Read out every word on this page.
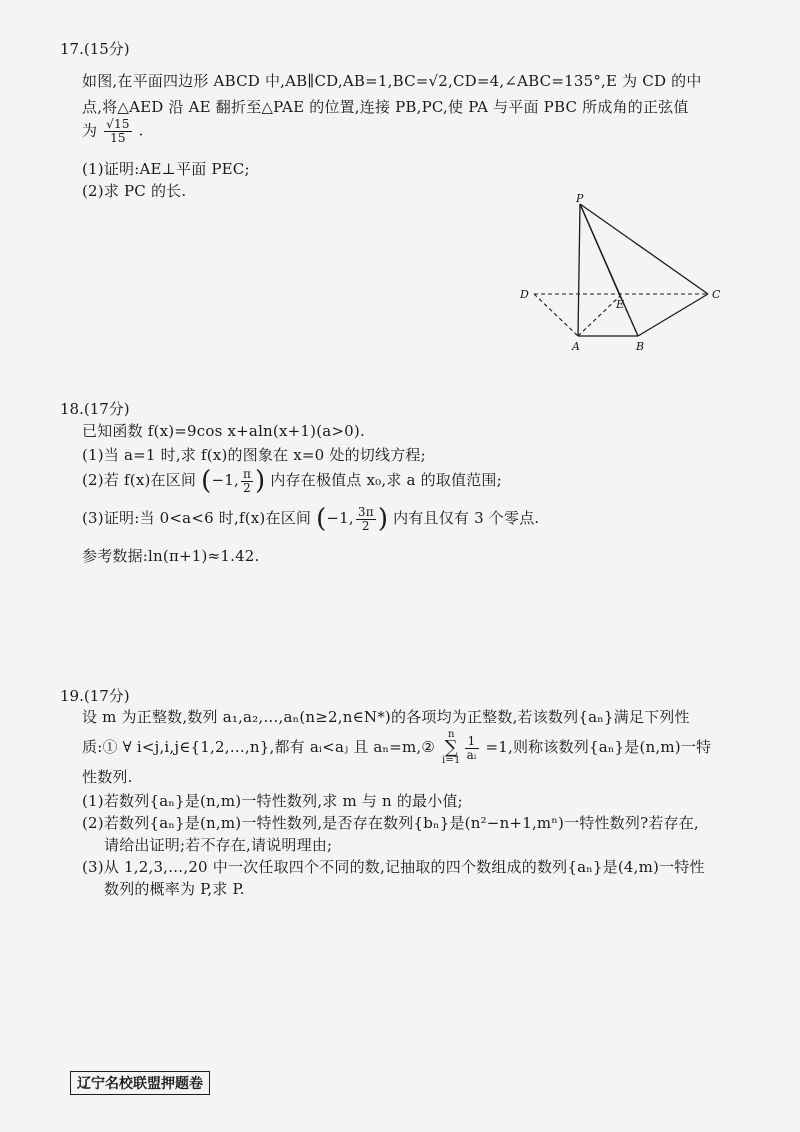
17.(15分)
如图,在平面四边形 ABCD 中,AB∥CD,AB=1,BC=√2,CD=4,∠ABC=135°,E 为 CD 的中
点,将△AED 沿 AE 翻折至△PAE 的位置,连接 PB,PC,使 PA 与平面 PBC 所成角的正弦值
为 $\frac{√15}{15}$ .
(1)证明:AE⊥平面 PEC;
(2)求 PC 的长.	P
D
E
C
A	B
18.(17分)
已知函数 f(x)=9cos x+aln(x+1)(a>0).
(1)当 a=1 时,求 f(x)的图象在 x=0 处的切线方程;
(2)若 f(x)在区间 (−1, $\frac{\pi}{2}$ ) 内存在极值点 x₀,求 a 的取值范围;
(3)证明:当 0<a<6 时,f(x)在区间 (−1, $\frac{3\pi}{2}$ ) 内有且仅有 3 个零点.
参考数据:ln(π+1)≈1.42.
19.(17分)
设 m 为正整数,数列 a₁,a₂,…,aₙ(n≥2,n∈N*)的各项均为正整数,若该数列{aₙ}满足下列性
质:① ∀ i<j,i,j∈{1,2,…,n},都有 aᵢ<aⱼ 且 aₙ=m,② n
∑
$i=1 \frac{1}{\text{aᵢ}} =1$,则称该数列{aₙ}是(n,m)一特
性数列.
(1)若数列{aₙ}是(n,m)一特性数列,求 m 与 n 的最小值;
(2)若数列{aₙ}是(n,m)一特性数列,是否存在数列{bₙ}是(n²−n+1,mⁿ)一特性数列?若存在,
请给出证明;若不存在,请说明理由;
(3)从 1,2,3,…,20 中一次任取四个不同的数,记抽取的四个数组成的数列{aₙ}是(4,m)一特性
数列的概率为 P,求 P.
辽宁名校联盟押题卷
